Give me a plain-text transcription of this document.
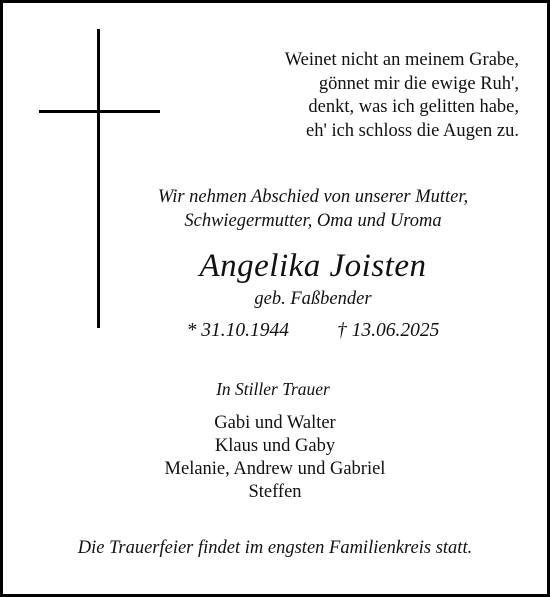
Weinet nicht an meinem Grabe,
gönnet mir die ewige Ruh',
denkt, was ich gelitten habe,
eh' ich schloss die Augen zu.
Wir nehmen Abschied von unserer Mutter,
Schwiegermutter, Oma und Uroma
Angelika Joisten
geb. Faßbender
* 31.10.1944 † 13.06.2025
In Stiller Trauer
Gabi und Walter
Klaus und Gaby
Melanie, Andrew und Gabriel
Steffen
Die Trauerfeier findet im engsten Familienkreis statt.
